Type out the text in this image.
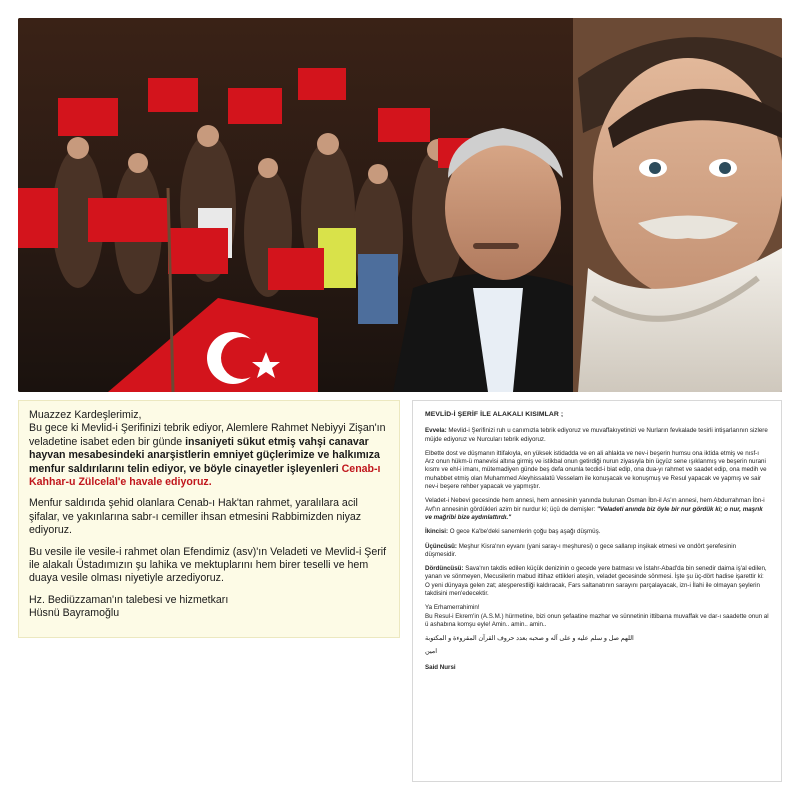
Muazzez Kardeşlerimiz,

Bu gece ki Mevlid-i Şerifinizi tebrik ediyor, Alemlere Rahmet Nebiyyi Zişan'ın veladetine isabet eden bir günde insaniyeti sükut etmiş vahşi canavar hayvan mesabesindeki anarşistlerin emniyet güçlerimize ve halkımıza menfur saldırılarını telin ediyor, ve böyle cinayetler işleyenleri Cenab-ı Kahhar-u Zülcelal'e havale ediyoruz.

Menfur saldırıda şehid olanlara Cenab-ı Hak'tan rahmet, yaralılara acil şifalar, ve yakınlarına sabr-ı cemiller ihsan etmesini Rabbimizden niyaz ediyoruz.

Bu vesile ile vesile-i rahmet olan Efendimiz (asv)'ın Veladeti ve Mevlid-i Şerif ile alakalı Üstadımızın şu lahika ve mektuplarını hem birer teselli ve hem duaya vesile olması niyetiyle arzediyoruz.

Hz. Bediüzzaman'ın talebesi ve hizmetkarı
Hüsnü Bayramoğlu
MEVLİD-İ ŞERİF İLE ALAKALI KISIMLAR ;

Evvela: Mevlid-i Şerifinizi ruh u canımızla tebrik ediyoruz ve muvaffakıyetinizi ve Nurların fevkalade tesirli intişarlarının sizlere müjde ediyoruz ve Nurcuları tebrik ediyoruz.

Elbette dost ve düşmanın ittifakıyla, en yüksek istidadda ve en ali ahlakta ve nev-i beşerin humsu ona iktida etmiş ve nısf-ı Arz onun hükm-ü manevisi altına girmiş ve istikbal onun getirdiği nurun ziyasıyla bin üçyüz sene ışıklanmış ve beşerin nurani kısmı ve ehl-i imanı, mütemadiyen günde beş defa onunla tecdid-i biat edip, ona dua-yı rahmet ve saadet edip, ona medih ve muhabbet etmiş olan Muhammed Aleyhissalatü Vesselam ile konuşacak ve konuşmuş ve Resul yapacak ve yapmış ve sair nev-i beşere rehber yapacak ve yapmıştır.

Veladet-i Nebevi gecesinde hem annesi, hem annesinin yanında bulunan Osman İbn-il As'ın annesi, hem Abdurrahman İbn-i Avf'ın annesinin gördükleri azim bir nurdur ki; üçü de demişler: "Veladeti anında biz öyle bir nur gördük ki; o nur, maşrık ve mağribi bize aydınlattırdı."

İkincisi: O gece Ka'be'deki sanemlerin çoğu baş aşağı düşmüş.

Üçüncüsü: Meşhur Kisra'nın eyvanı (yani saray-ı meşhuresi) o gece sallanıp inşikak etmesi ve ondört şerefesinin düşmesidir.

Dördüncüsü: Sava'nın takdis edilen küçük denizinin o gecede yere batması ve İstahr-Abad'da bin senedir daima iş'al edilen, yanan ve sönmeyen, Mecusilerin mabud ittihaz ettikleri ateşin, veladet gecesinde sönmesi. İşte şu üç-dört hadise işarettir ki: O yeni dünyaya gelen zat; ateşperestliği kaldıracak, Fars saltanatının sarayını parçalayacak, izn-i İlahi ile olmayan şeylerin takdisini men'edecektir.

Ya Erhamerrahimin!

Bu Resul-i Ekrem'in (A.S.M.) hürmetine, bizi onun şefaatine mazhar ve sünnetinin ittibaına muvaffak ve dar-ı saadette onun al ü ashabına komşu eyle! Amin.. amin.. amin..

اللهم صل و سلم عليه و على آله و صحبه بعدد حروف القرآن المقروءة و المكتوبة

امين

Said Nursi
